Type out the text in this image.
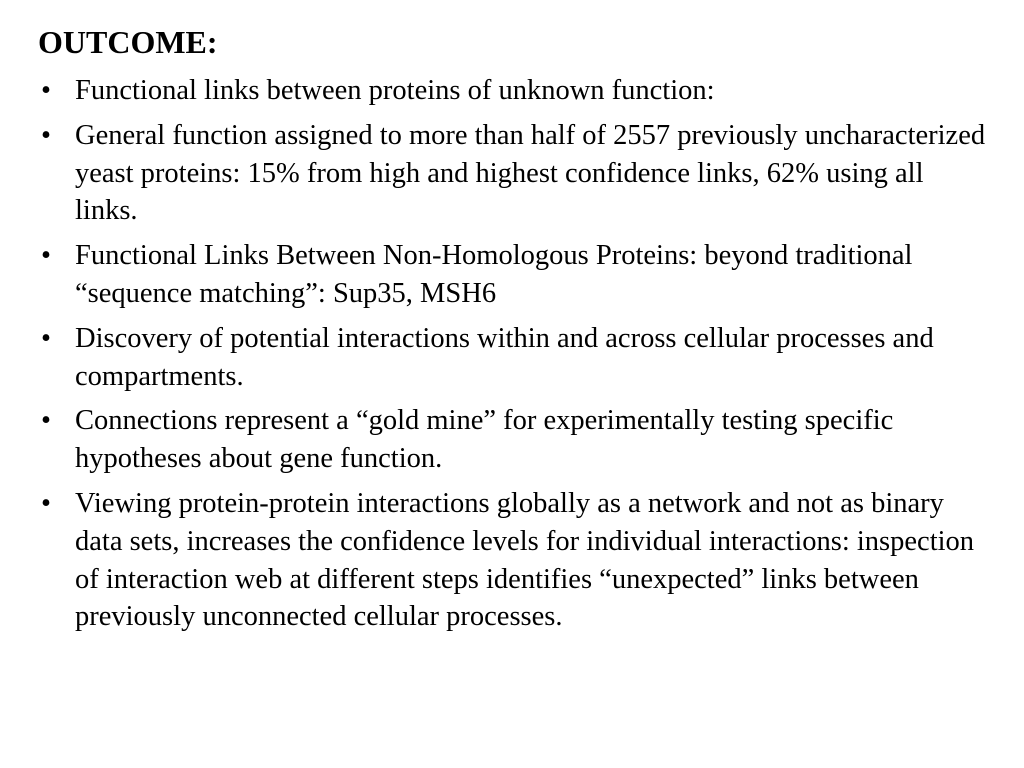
OUTCOME:
• Functional links between proteins of unknown function:
• General function assigned to more than half of 2557 previously uncharacterized yeast proteins: 15% from high and highest confidence links, 62% using all links.
• Functional Links Between Non-Homologous Proteins: beyond traditional “sequence matching”: Sup35, MSH6
• Discovery of potential interactions within and across cellular processes and compartments.
• Connections represent a “gold mine” for experimentally testing specific hypotheses about gene function.
• Viewing protein-protein interactions globally as a network and not as binary data sets, increases the confidence levels for individual interactions: inspection of interaction web at different steps identifies “unexpected” links between previously unconnected cellular processes.
